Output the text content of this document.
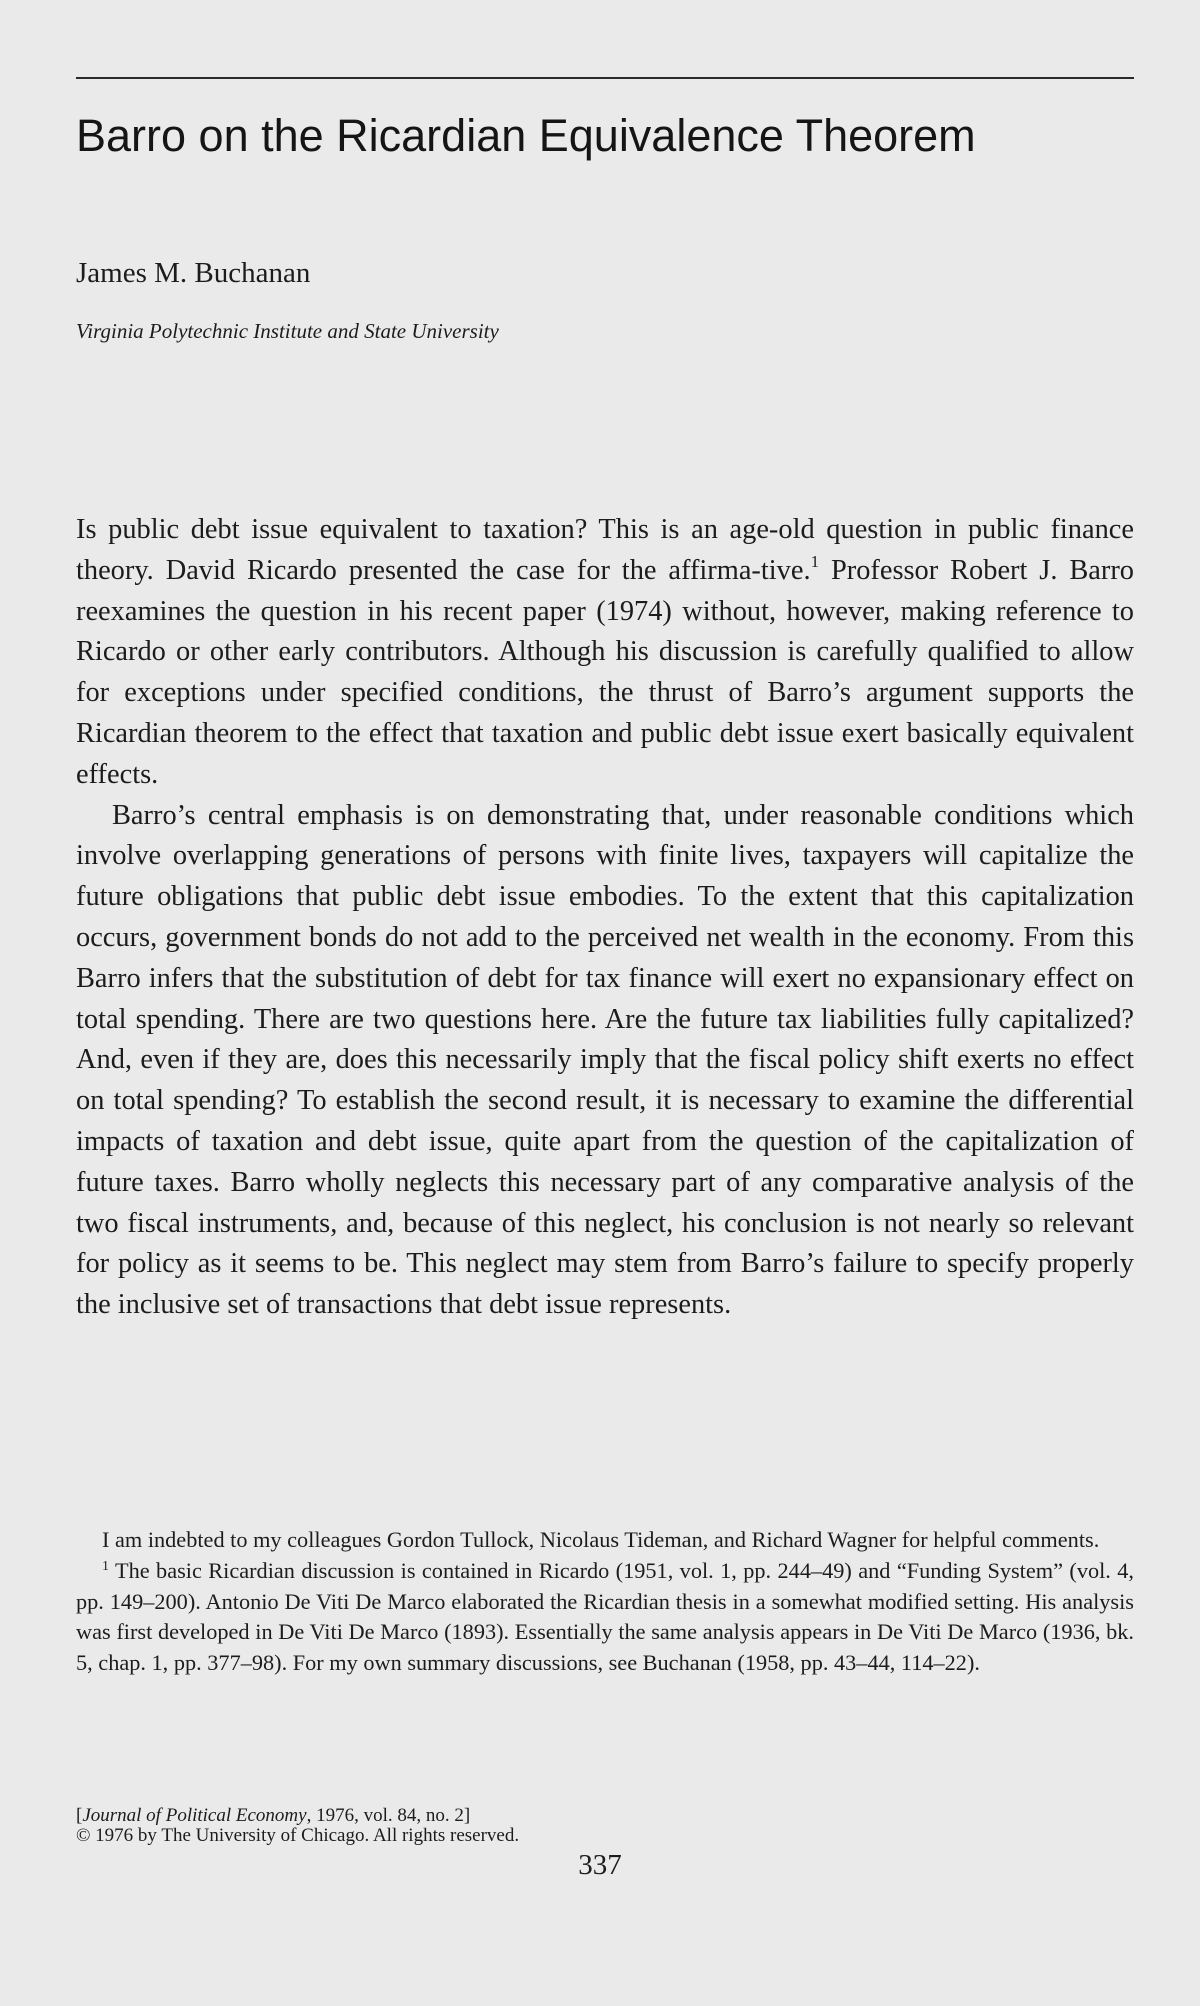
Barro on the Ricardian Equivalence Theorem
James M. Buchanan
Virginia Polytechnic Institute and State University

Is public debt issue equivalent to taxation? This is an age-old question in public finance theory. David Ricardo presented the case for the affirma-tive.$^1$ Professor Robert J. Barro reexamines the question in his recent paper (1974) without, however, making reference to Ricardo or other early contributors. Although his discussion is carefully qualified to allow for exceptions under specified conditions, the thrust of Barro’s argument supports the Ricardian theorem to the effect that taxation and public debt issue exert basically equivalent effects.

Barro’s central emphasis is on demonstrating that, under reasonable conditions which involve overlapping generations of persons with finite lives, taxpayers will capitalize the future obligations that public debt issue embodies. To the extent that this capitalization occurs, government bonds do not add to the perceived net wealth in the economy. From this Barro infers that the substitution of debt for tax finance will exert no expansionary effect on total spending. There are two questions here. Are the future tax liabilities fully capitalized? And, even if they are, does this necessarily imply that the fiscal policy shift exerts no effect on total spending? To establish the second result, it is necessary to examine the differential impacts of taxation and debt issue, quite apart from the question of the capitalization of future taxes. Barro wholly neglects this necessary part of any comparative analysis of the two fiscal instruments, and, because of this neglect, his conclusion is not nearly so relevant for policy as it seems to be. This neglect may stem from Barro’s failure to specify properly the inclusive set of transactions that debt issue represents.

I am indebted to my colleagues Gordon Tullock, Nicolaus Tideman, and Richard Wagner for helpful comments.

$^1$ The basic Ricardian discussion is contained in Ricardo (1951, vol. 1, pp. 244–49) and “Funding System” (vol. 4, pp. 149–200). Antonio De Viti De Marco elaborated the Ricardian thesis in a somewhat modified setting. His analysis was first developed in De Viti De Marco (1893). Essentially the same analysis appears in De Viti De Marco (1936, bk. 5, chap. 1, pp. 377–98). For my own summary discussions, see Buchanan (1958, pp. 43–44, 114–22).

[Journal of Political Economy, 1976, vol. 84, no. 2]
© 1976 by The University of Chicago. All rights reserved.
337
